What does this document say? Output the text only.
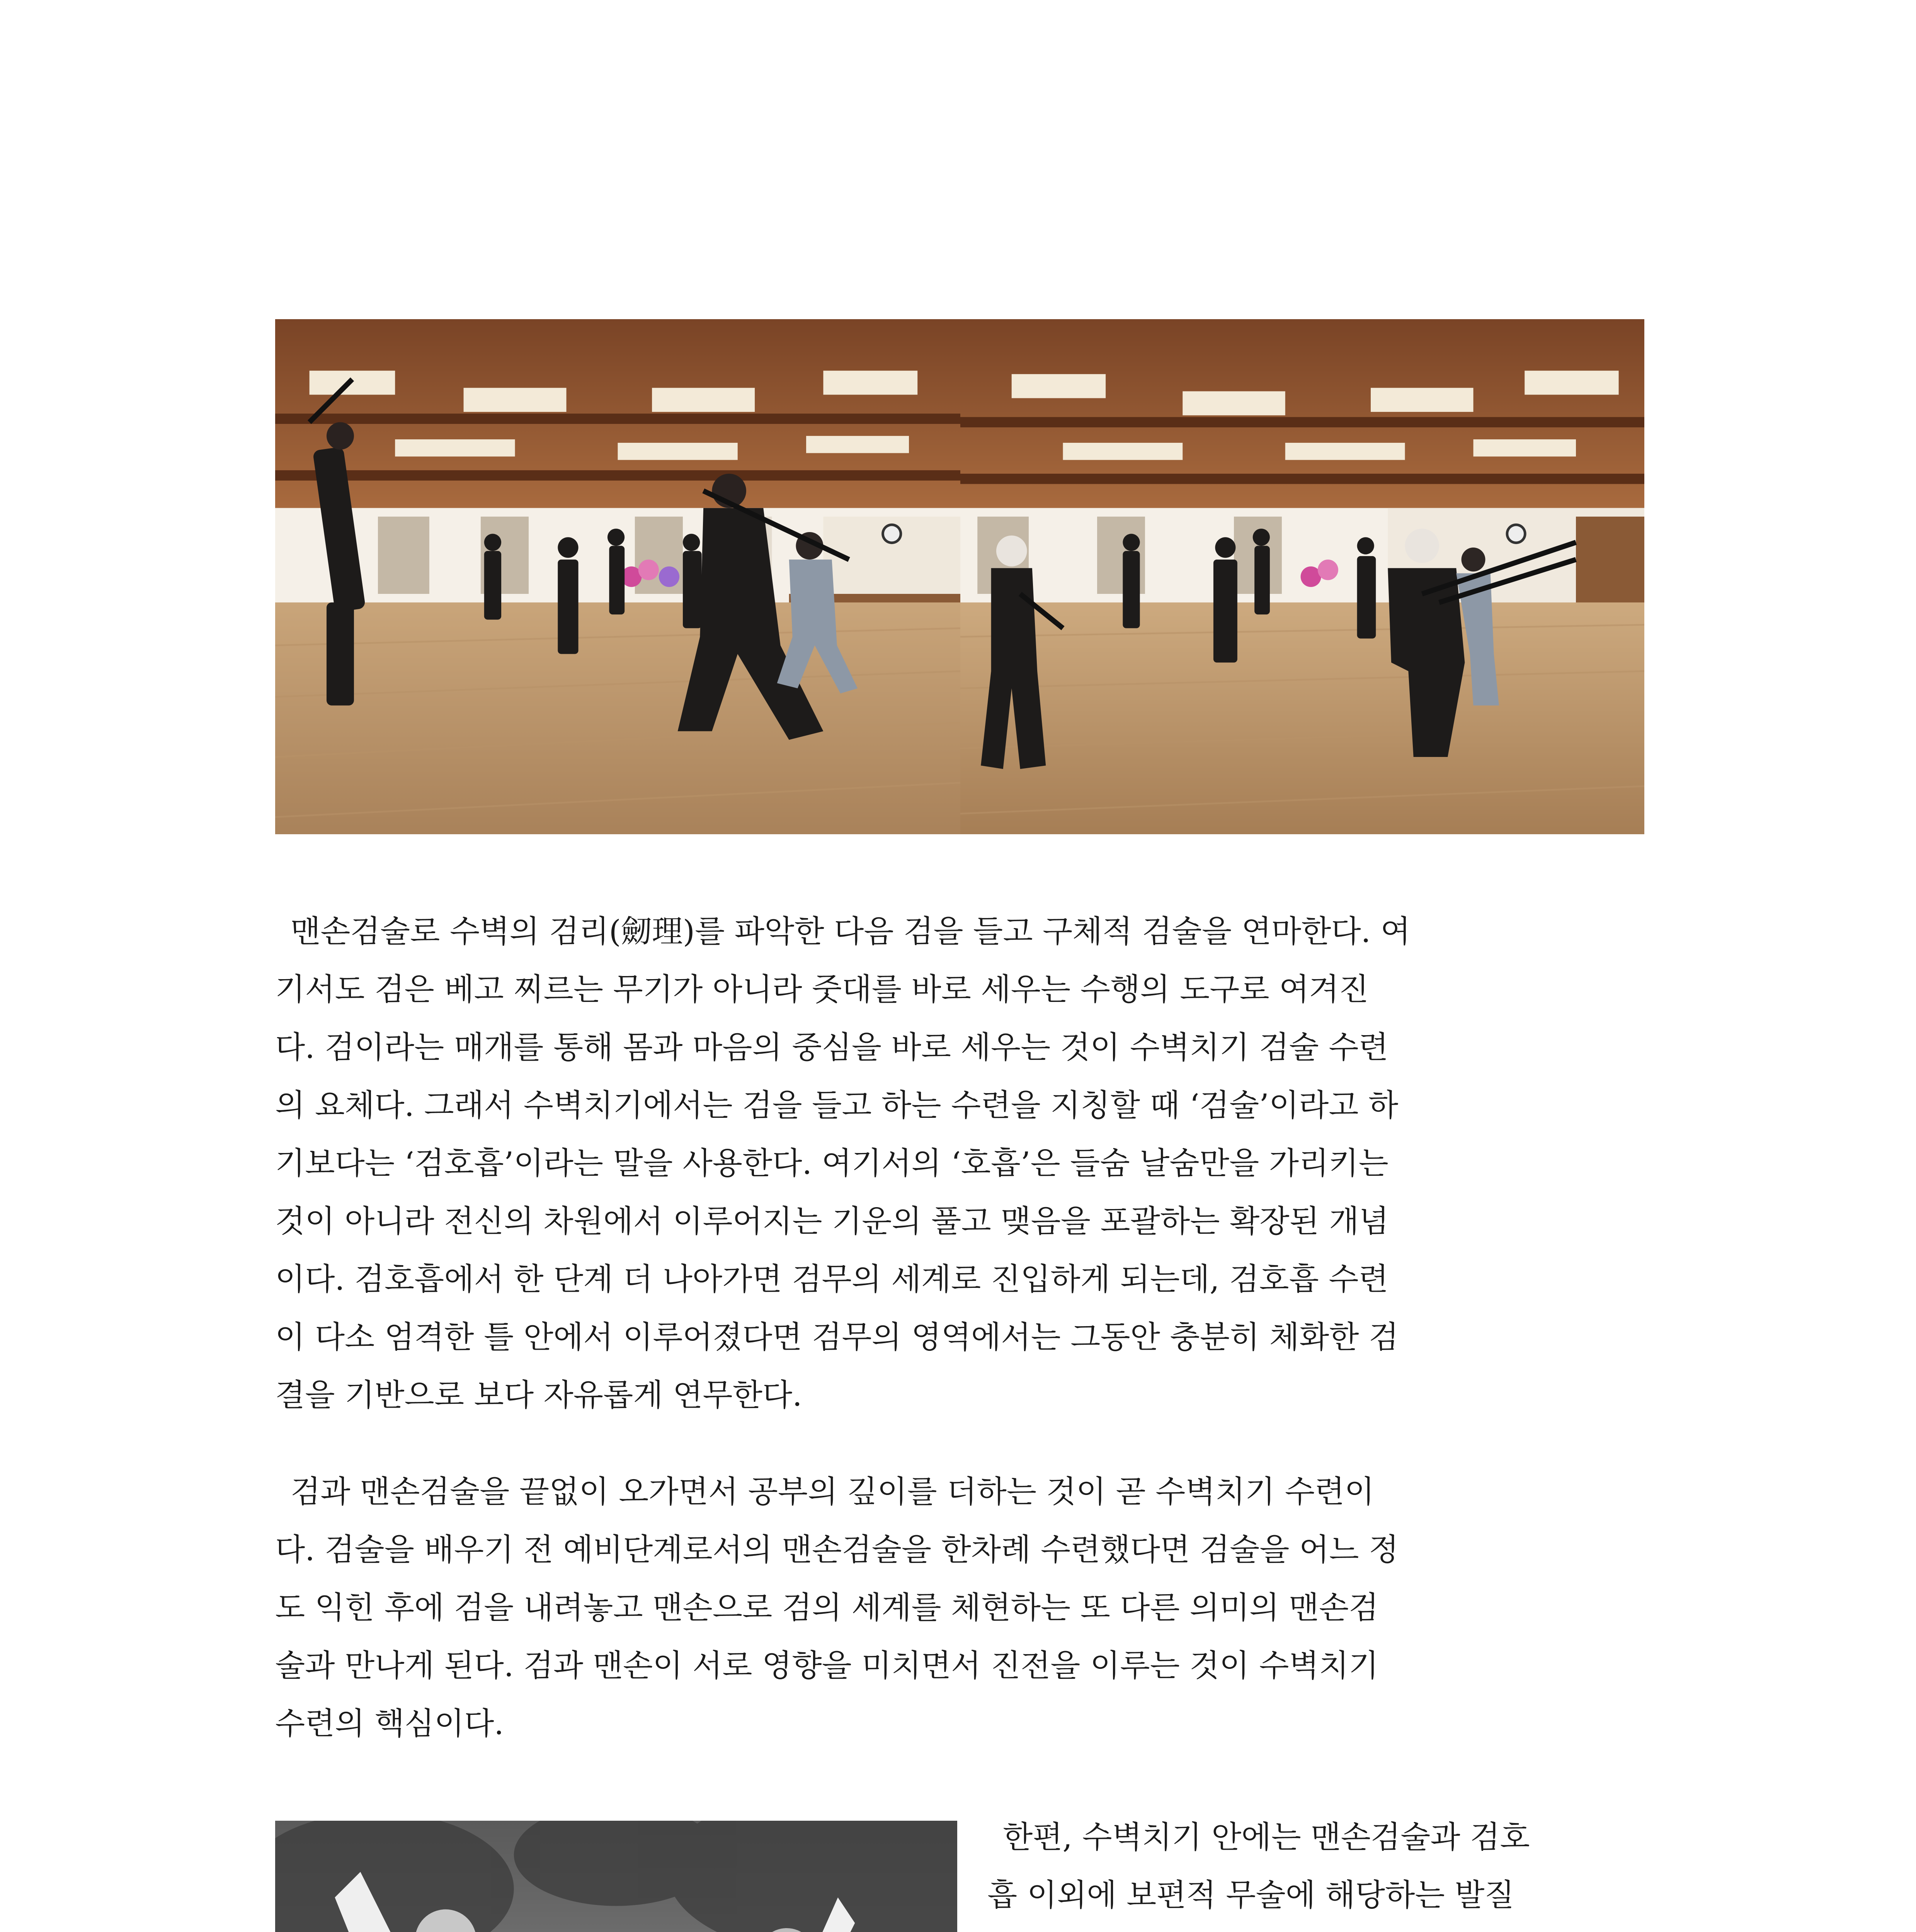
맨손검술로 수벽의 검리(劒理)를 파악한 다음 검을 들고 구체적 검술을 연마한다. 여
기서도 검은 베고 찌르는 무기가 아니라 줏대를 바로 세우는 수행의 도구로 여겨진
다. 검이라는 매개를 통해 몸과 마음의 중심을 바로 세우는 것이 수벽치기 검술 수련
의 요체다. 그래서 수벽치기에서는 검을 들고 하는 수련을 지칭할 때 ‘검술’이라고 하
기보다는 ‘검호흡’이라는 말을 사용한다. 여기서의 ‘호흡’은 들숨 날숨만을 가리키는
것이 아니라 전신의 차원에서 이루어지는 기운의 풀고 맺음을 포괄하는 확장된 개념
이다. 검호흡에서 한 단계 더 나아가면 검무의 세계로 진입하게 되는데, 검호흡 수련
이 다소 엄격한 틀 안에서 이루어졌다면 검무의 영역에서는 그동안 충분히 체화한 검
결을 기반으로 보다 자유롭게 연무한다.

검과 맨손검술을 끝없이 오가면서 공부의 깊이를 더하는 것이 곧 수벽치기 수련이
다. 검술을 배우기 전 예비단계로서의 맨손검술을 한차례 수련했다면 검술을 어느 정
도 익힌 후에 검을 내려놓고 맨손으로 검의 세계를 체현하는 또 다른 의미의 맨손검
술과 만나게 된다. 검과 맨손이 서로 영향을 미치면서 진전을 이루는 것이 수벽치기
수련의 핵심이다.

한편, 수벽치기 안에는 맨손검술과 검호
흡 이외에 보편적 무술에 해당하는 발질
